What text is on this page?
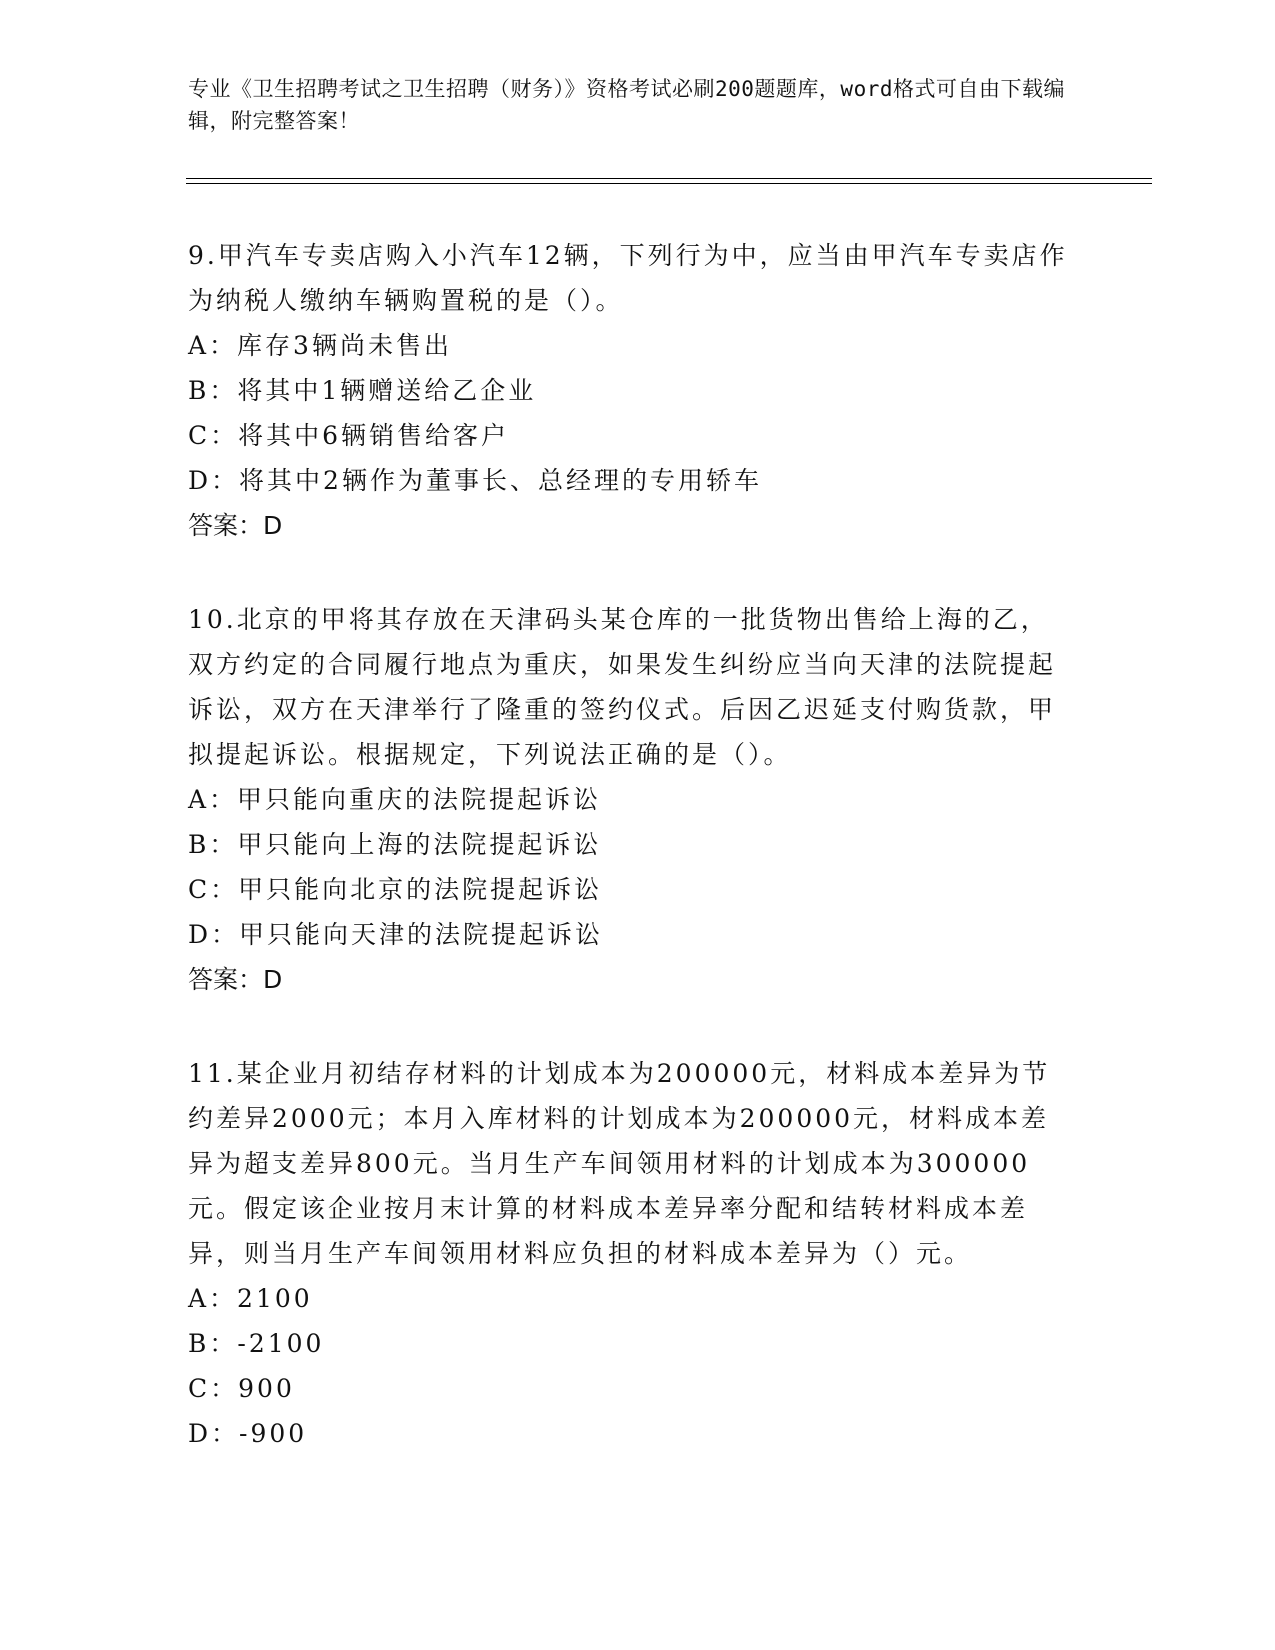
专业《卫生招聘考试之卫生招聘（财务）》资格考试必刷200题题库，word格式可自由下载编辑，附完整答案！

9.甲汽车专卖店购入小汽车12辆，下列行为中，应当由甲汽车专卖店作为纳税人缴纳车辆购置税的是（）。

A：库存3辆尚未售出

B：将其中1辆赠送给乙企业

C：将其中6辆销售给客户

D：将其中2辆作为董事长、总经理的专用轿车

答案：D

10.北京的甲将其存放在天津码头某仓库的一批货物出售给上海的乙，双方约定的合同履行地点为重庆，如果发生纠纷应当向天津的法院提起诉讼，双方在天津举行了隆重的签约仪式。后因乙迟延支付购货款，甲拟提起诉讼。根据规定，下列说法正确的是（）。

A：甲只能向重庆的法院提起诉讼

B：甲只能向上海的法院提起诉讼

C：甲只能向北京的法院提起诉讼

D：甲只能向天津的法院提起诉讼

答案：D

11.某企业月初结存材料的计划成本为200000元，材料成本差异为节约差异2000元；本月入库材料的计划成本为200000元，材料成本差异为超支差异800元。当月生产车间领用材料的计划成本为300000元。假定该企业按月末计算的材料成本差异率分配和结转材料成本差异，则当月生产车间领用材料应负担的材料成本差异为（）元。

A：2100

B：-2100

C：900

D：-900
